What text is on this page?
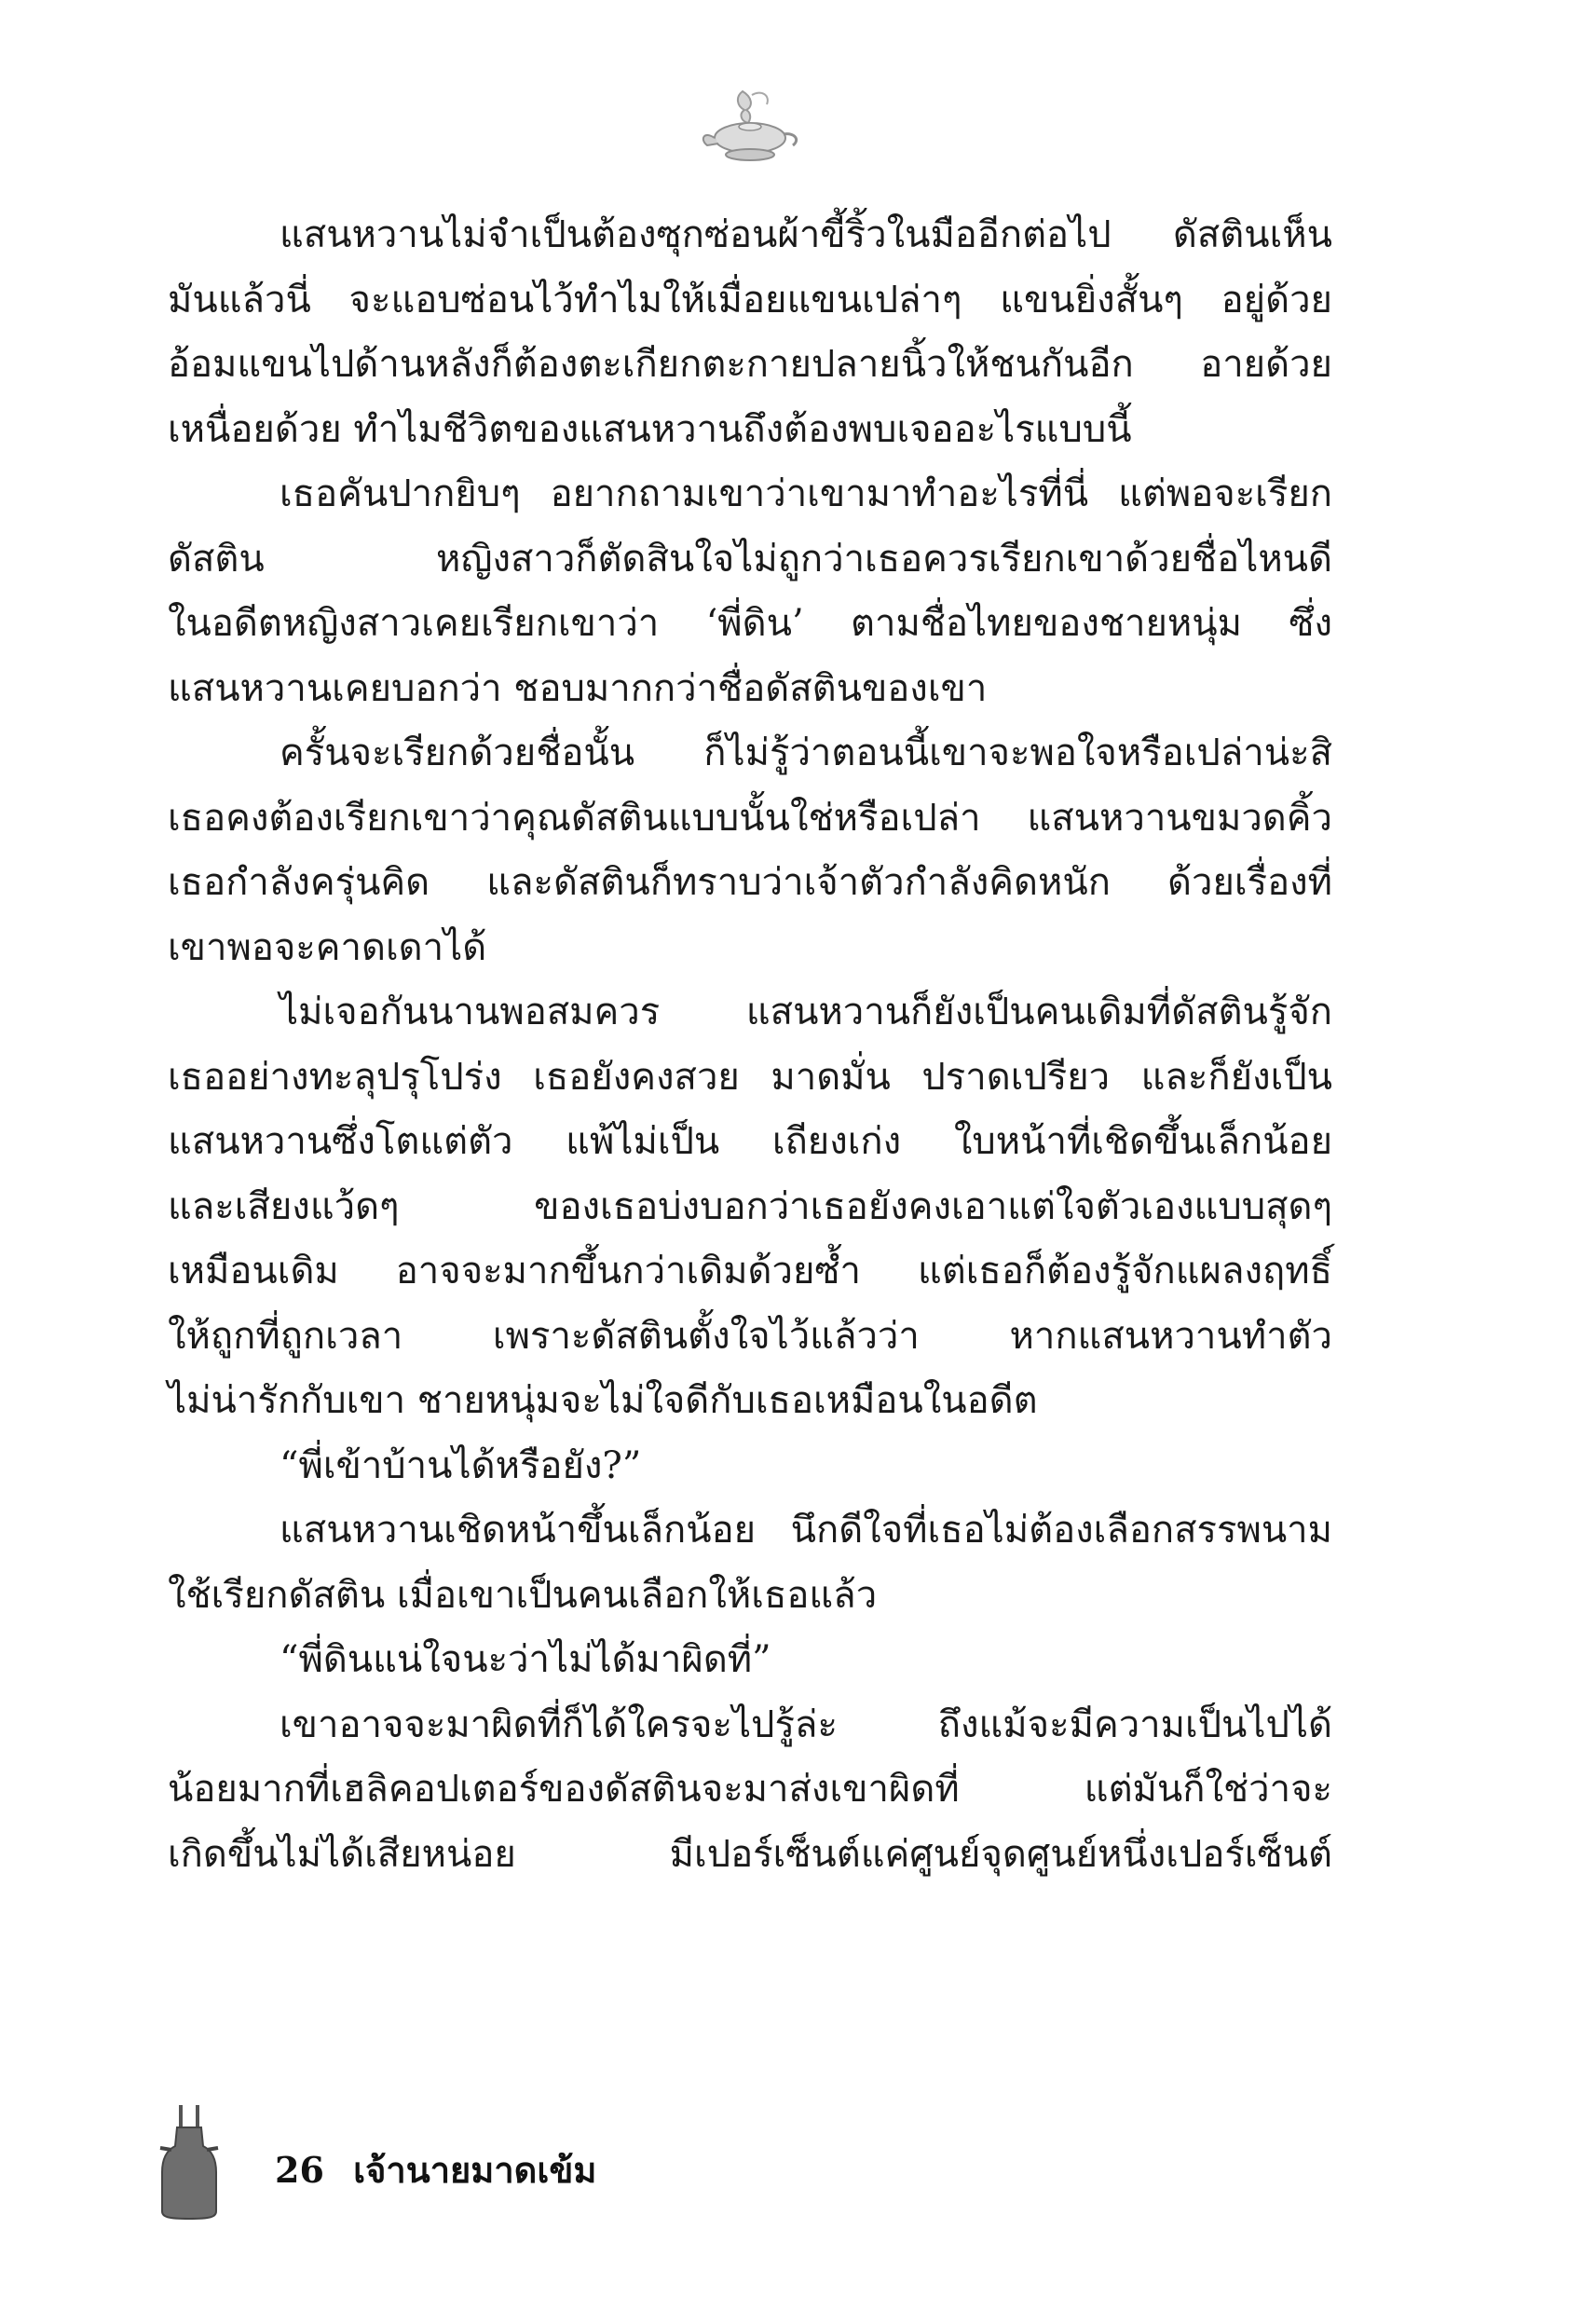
แสนหวานไม่จำเป็นต้องซุกซ่อนผ้าขี้ริ้วในมืออีกต่อไป ดัสตินเห็น
มันแล้วนี่ จะแอบซ่อนไว้ทำไมให้เมื่อยแขนเปล่าๆ แขนยิ่งสั้นๆ อยู่ด้วย
อ้อมแขนไปด้านหลังก็ต้องตะเกียกตะกายปลายนิ้วให้ชนกันอีก อายด้วย
เหนื่อยด้วย ทำไมชีวิตของแสนหวานถึงต้องพบเจออะไรแบบนี้
เธอคันปากยิบๆ อยากถามเขาว่าเขามาทำอะไรที่นี่ แต่พอจะเรียก
ดัสติน หญิงสาวก็ตัดสินใจไม่ถูกว่าเธอควรเรียกเขาด้วยชื่อไหนดี
ในอดีตหญิงสาวเคยเรียกเขาว่า ‘พี่ดิน’ ตามชื่อไทยของชายหนุ่ม ซึ่ง
แสนหวานเคยบอกว่า ชอบมากกว่าชื่อดัสตินของเขา
ครั้นจะเรียกด้วยชื่อนั้น ก็ไม่รู้ว่าตอนนี้เขาจะพอใจหรือเปล่าน่ะสิ
เธอคงต้องเรียกเขาว่าคุณดัสตินแบบนั้นใช่หรือเปล่า แสนหวานขมวดคิ้ว
เธอกำลังครุ่นคิด และดัสตินก็ทราบว่าเจ้าตัวกำลังคิดหนัก ด้วยเรื่องที่
เขาพอจะคาดเดาได้
ไม่เจอกันนานพอสมควร แสนหวานก็ยังเป็นคนเดิมที่ดัสตินรู้จัก
เธออย่างทะลุปรุโปร่ง เธอยังคงสวย มาดมั่น ปราดเปรียว และก็ยังเป็น
แสนหวานซึ่งโตแต่ตัว แพ้ไม่เป็น เถียงเก่ง ใบหน้าที่เชิดขึ้นเล็กน้อย
และเสียงแว้ดๆ ของเธอบ่งบอกว่าเธอยังคงเอาแต่ใจตัวเองแบบสุดๆ
เหมือนเดิม อาจจะมากขึ้นกว่าเดิมด้วยซ้ำ แต่เธอก็ต้องรู้จักแผลงฤทธิ์
ให้ถูกที่ถูกเวลา เพราะดัสตินตั้งใจไว้แล้วว่า หากแสนหวานทำตัว
ไม่น่ารักกับเขา ชายหนุ่มจะไม่ใจดีกับเธอเหมือนในอดีต
“พี่เข้าบ้านได้หรือยัง?”
แสนหวานเชิดหน้าขึ้นเล็กน้อย นึกดีใจที่เธอไม่ต้องเลือกสรรพนาม
ใช้เรียกดัสติน เมื่อเขาเป็นคนเลือกให้เธอแล้ว
“พี่ดินแน่ใจนะว่าไม่ได้มาผิดที่”
เขาอาจจะมาผิดที่ก็ได้ใครจะไปรู้ล่ะ ถึงแม้จะมีความเป็นไปได้
น้อยมากที่เฮลิคอปเตอร์ของดัสตินจะมาส่งเขาผิดที่ แต่มันก็ใช่ว่าจะ
เกิดขึ้นไม่ได้เสียหน่อย มีเปอร์เซ็นต์แค่ศูนย์จุดศูนย์หนึ่งเปอร์เซ็นต์
26 เจ้านายมาดเข้ม
